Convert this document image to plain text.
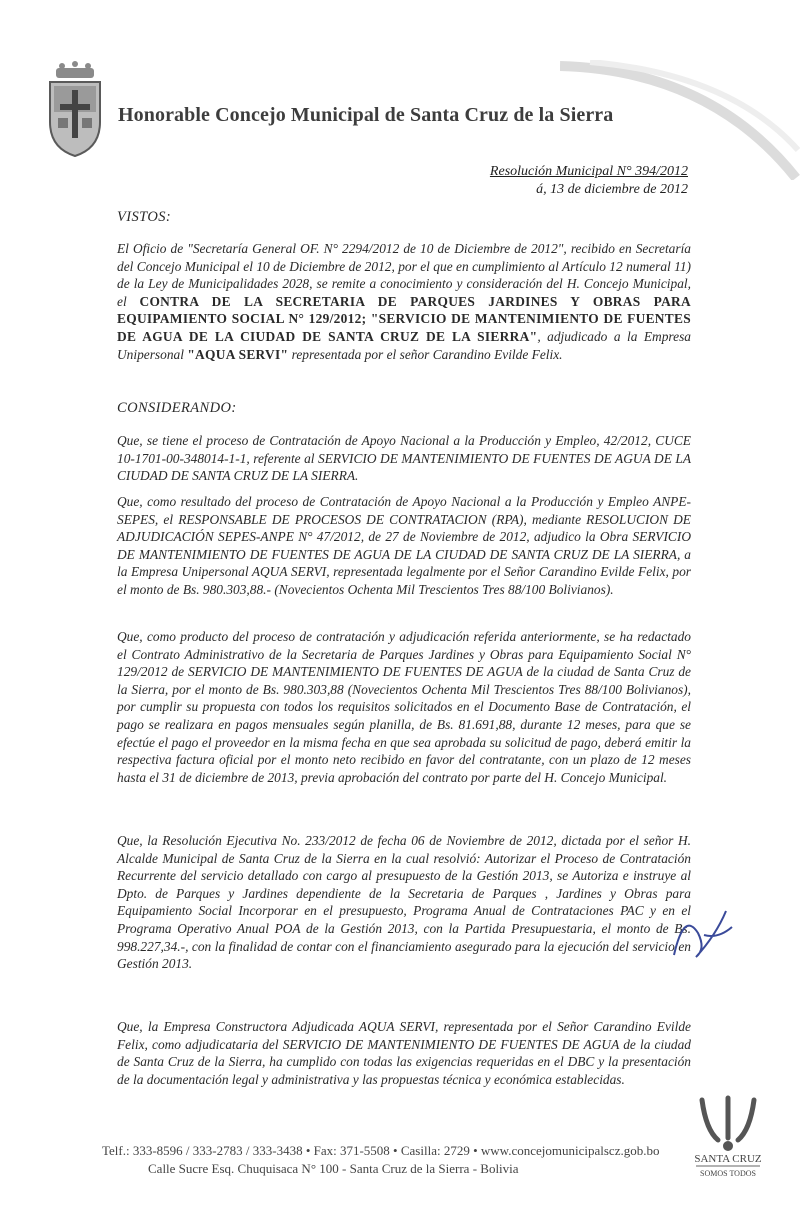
Honorable Concejo Municipal de Santa Cruz de la Sierra
Resolución Municipal N° 394/2012
á, 13 de diciembre de 2012
VISTOS:
El Oficio de "Secretaría General OF. N° 2294/2012 de 10 de Diciembre de 2012", recibido en Secretaría del Concejo Municipal el 10 de Diciembre de 2012, por el que en cumplimiento al Artículo 12 numeral 11) de la Ley de Municipalidades 2028, se remite a conocimiento y consideración del H. Concejo Municipal, el CONTRA DE LA SECRETARIA DE PARQUES JARDINES Y OBRAS PARA EQUIPAMIENTO SOCIAL N° 129/2012; "SERVICIO DE MANTENIMIENTO DE FUENTES DE AGUA DE LA CIUDAD DE SANTA CRUZ DE LA SIERRA", adjudicado a la Empresa Unipersonal "AQUA SERVI" representada por el señor Carandino Evilde Felix.
CONSIDERANDO:
Que, se tiene el proceso de Contratación de Apoyo Nacional a la Producción y Empleo, 42/2012, CUCE 10-1701-00-348014-1-1, referente al SERVICIO DE MANTENIMIENTO DE FUENTES DE AGUA DE LA CIUDAD DE SANTA CRUZ DE LA SIERRA.
Que, como resultado del proceso de Contratación de Apoyo Nacional a la Producción y Empleo ANPE-SEPES, el RESPONSABLE DE PROCESOS DE CONTRATACION (RPA), mediante RESOLUCION DE ADJUDICACIÓN SEPES-ANPE N° 47/2012, de 27 de Noviembre de 2012, adjudico la Obra SERVICIO DE MANTENIMIENTO DE FUENTES DE AGUA DE LA CIUDAD DE SANTA CRUZ DE LA SIERRA, a la Empresa Unipersonal AQUA SERVI, representada legalmente por el Señor Carandino Evilde Felix, por el monto de Bs. 980.303,88.- (Novecientos Ochenta Mil Trescientos Tres 88/100 Bolivianos).
Que, como producto del proceso de contratación y adjudicación referida anteriormente, se ha redactado el Contrato Administrativo de la Secretaria de Parques Jardines y Obras para Equipamiento Social N° 129/2012 de SERVICIO DE MANTENIMIENTO DE FUENTES DE AGUA de la ciudad de Santa Cruz de la Sierra, por el monto de Bs. 980.303,88 (Novecientos Ochenta Mil Trescientos Tres 88/100 Bolivianos), por cumplir su propuesta con todos los requisitos solicitados en el Documento Base de Contratación, el pago se realizara en pagos mensuales según planilla, de Bs. 81.691,88, durante 12 meses, para que se efectúe el pago el proveedor en la misma fecha en que sea aprobada su solicitud de pago, deberá emitir la respectiva factura oficial por el monto neto recibido en favor del contratante, con un plazo de 12 meses hasta el 31 de diciembre de 2013, previa aprobación del contrato por parte del H. Concejo Municipal.
Que, la Resolución Ejecutiva No. 233/2012 de fecha 06 de Noviembre de 2012, dictada por el señor H. Alcalde Municipal de Santa Cruz de la Sierra en la cual resolvió: Autorizar el Proceso de Contratación Recurrente del servicio detallado con cargo al presupuesto de la Gestión 2013, se Autoriza e instruye al Dpto. de Parques y Jardines dependiente de la Secretaria de Parques , Jardines y Obras para Equipamiento Social Incorporar en el presupuesto, Programa Anual de Contrataciones PAC y en el Programa Operativo Anual POA de la Gestión 2013, con la Partida Presupuestaria, el monto de Bs. 998.227,34.-, con la finalidad de contar con el financiamiento asegurado para la ejecución del servicio en Gestión 2013.
Que, la Empresa Constructora Adjudicada AQUA SERVI, representada por el Señor Carandino Evilde Felix, como adjudicataria del SERVICIO DE MANTENIMIENTO DE FUENTES DE AGUA de la ciudad de Santa Cruz de la Sierra, ha cumplido con todas las exigencias requeridas en el DBC y la presentación de la documentación legal y administrativa y las propuestas técnica y económica establecidas.
Telf.: 333-8596 / 333-2783 / 333-3438 • Fax: 371-5508 • Casilla: 2729 • www.concejomunicipalscz.gob.bo
Calle Sucre Esq. Chuquisaca N° 100 - Santa Cruz de la Sierra - Bolivia
SANTA CRUZ
SOMOS TODOS
